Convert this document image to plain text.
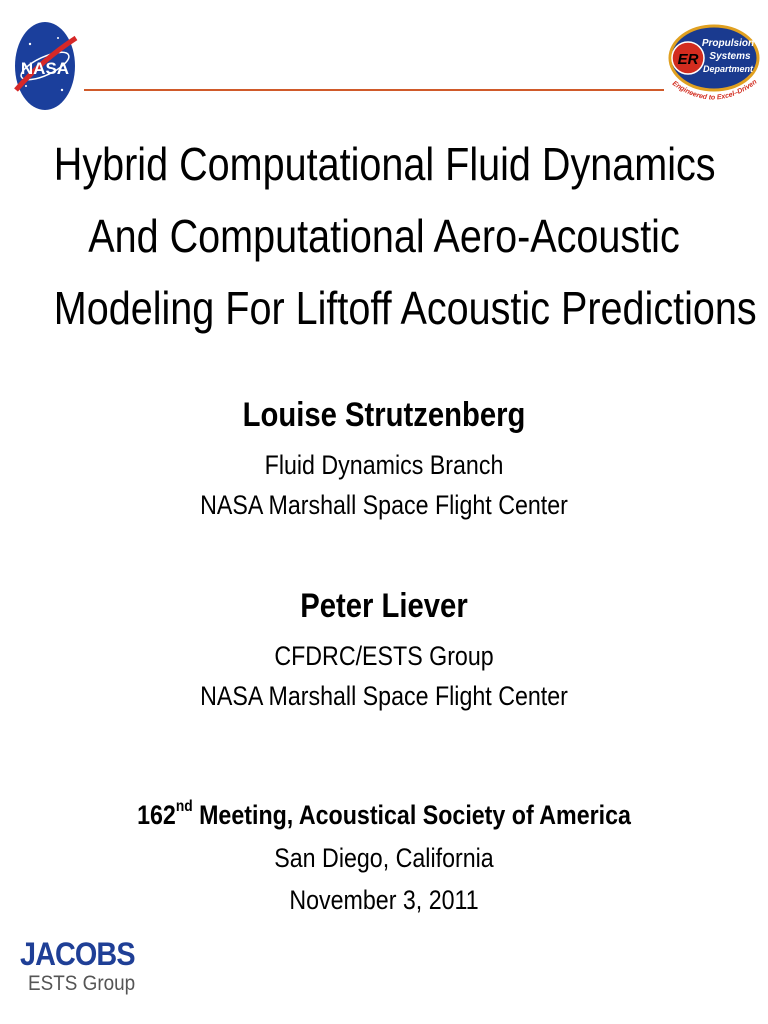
NASA	ER
Propulsion
Systems
Department
Engineered to Excel–Driven
Hybrid Computational Fluid Dynamics
And Computational Aero-Acoustic
Modeling For Liftoff Acoustic Predictions
Louise Strutzenberg
Fluid Dynamics Branch
NASA Marshall Space Flight Center
Peter Liever
CFDRC/ESTS Group
NASA Marshall Space Flight Center
162nd Meeting, Acoustical Society of America
San Diego, California
November 3, 2011
JACOBS
ESTS Group
